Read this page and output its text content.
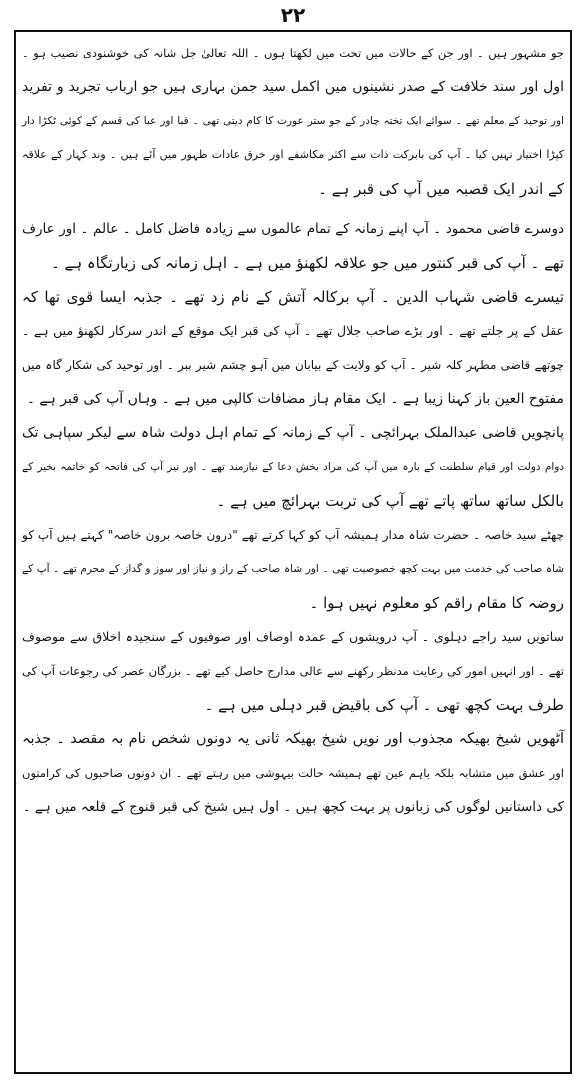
۲۲
جو مشہور ہیں ۔ اور جن کے حالات میں تحت میں لکھتا ہوں ۔ اللہ تعالیٰ جل شانہ کی خوشنودی نصیب ہو ۔
اول اور سند خلافت کے صدر نشینوں میں اکمل سید جمن بہاری ہیں جو ارباب تجرید و تفرید
اور توحید کے معلم تھے ۔ سوائے ایک تختہ چادر کے جو ستر عورت کا کام دیتی تھی ۔ قبا اور عبا کی قسم کے کوئی ٹکڑا دار
کپڑا اختیار نہیں کیا ۔ آپ کی بابرکت ذات سے اکثر مکاشفے اور خرق عادات ظہور میں آئے ہیں ۔ وند کہار کے علاقہ
کے اندر ایک قصبہ میں آپ کی قبر ہے ۔
دوسرے قاضی محمود ۔ آپ اپنے زمانہ کے تمام عالموں سے زیادہ فاضل کامل ۔ عالم ۔ اور عارف
تھے ۔ آپ کی قبر کنتور میں جو علاقہ لکھنؤ میں ہے ۔ اہل زمانہ کی زیارتگاہ ہے ۔
تیسرے قاضی شہاب الدین ۔ آپ برکالہ آتش کے نام زد تھے ۔ جذبہ ایسا قوی تھا کہ
عقل کے پر جلتے تھے ۔ اور بڑے صاحب جلال تھے ۔ آپ کی قبر ایک موقع کے اندر سرکار لکھنؤ میں ہے ۔
چوتھے قاضی مطہر کلہ شیر ۔ آپ کو ولایت کے بیابان میں آہو چشم شیر ببر ۔ اور توحید کی شکار گاہ میں
مفتوح العین باز کہنا زیبا ہے ۔ ایک مقام ہاز مضافات کالپی میں ہے ۔ وہاں آپ کی قبر ہے ۔
پانچویں قاضی عبدالملک بہرائچی ۔ آپ کے زمانہ کے تمام اہل دولت شاہ سے لیکر سپاہی تک
دوام دولت اور قیام سلطنت کے بارہ میں آپ کی مراد بخش دعا کے نیازمند تھے ۔ اور نیز آپ کی فاتحہ کو خاتمہ بخیر کے
بالکل ساتھ ساتھ پاتے تھے آپ کی تربت بہرائچ میں ہے ۔
چھٹے سید خاصہ ۔ حضرت شاہ مدار ہمیشہ آپ کو کہا کرتے تھے "درون خاصہ برون خاصہ" کہتے ہیں آپ کو
شاہ صاحب کی خدمت میں بہت کچھ خصوصیت تھی ۔ اور شاہ صاحب کے راز و نیاز اور سوز و گداز کے محرم تھے ۔ آپ کے
روضہ کا مقام راقم کو معلوم نہیں ہوا ۔
ساتویں سید راجے دہلوی ۔ آپ درویشوں کے عمدہ اوصاف اور صوفیوں کے سنجیدہ اخلاق سے موصوف
تھے ۔ اور انہیں امور کی رعایت مدنظر رکھنے سے عالی مدارج حاصل کیے تھے ۔ بزرگان عصر کی رجوعات آپ کی
طرف بہت کچھ تھی ۔ آپ کی باقیض قبر دہلی میں ہے ۔
آٹھویں شیخ بھیکہ مجذوب اور نویں شیخ بھیکہ ثانی یہ دونوں شخص نام بہ مقصد ۔ جذبہ
اور عشق میں متشابہ بلکہ باہم عین تھے ہمیشہ حالت بیہوشی میں رہتے تھے ۔ ان دونوں صاحبوں کی کرامتوں
کی داستانیں لوگوں کی زبانوں پر بہت کچھ ہیں ۔ اول ہیں شیخ کی قبر قنوج کے قلعہ میں ہے ۔
